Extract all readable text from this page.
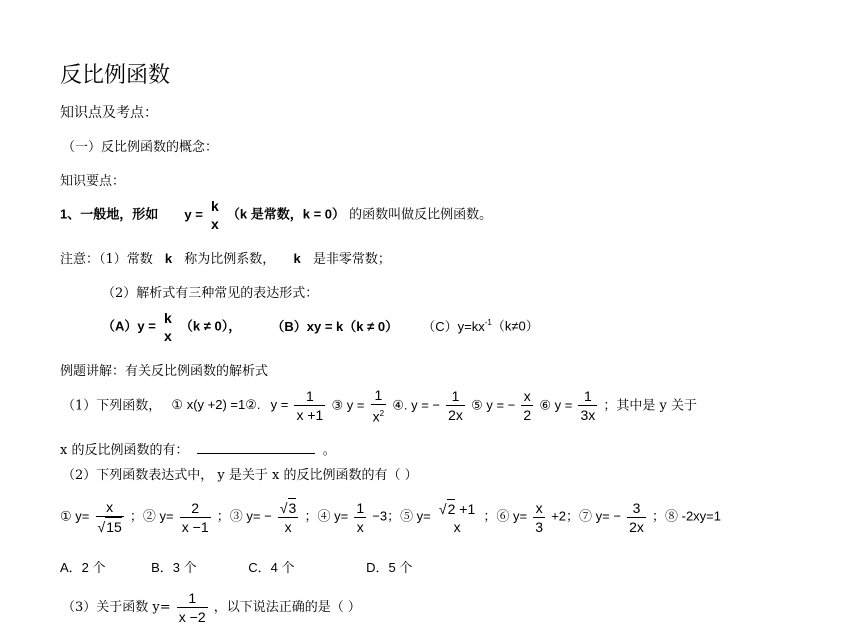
反比例函数
知识点及考点：
（一）反比例函数的概念：
知识要点：
1、一般地，形如 y = k
x
（k 是常数，k = 0） 的函数叫做反比例函数。
注意：（1）常数 k 称为比例系数， k 是非零常数；
（2）解析式有三种常见的表达形式：
（A）y = k
x
（k ≠ 0）， （B）xy = k（k ≠ 0） $(C)y=kx^{-1}(k\ne 0)$
例题讲解：有关反比例函数的解析式
（1）下列函数， ① x(y +2) =1②. $y = \frac{1}{x +1}$ ③ $y = \frac{1}{x^2}$ ④. y = − $\frac{1}{2x}$ ⑤ y = − $\frac{x}{2}$ ⑥ $y = \frac{1}{3x}$ ；其中是 y 关于
x 的反比例函数的有：	。
（2）下列函数表达式中， y 是关于 x 的反比例函数的有（ ）
① $y= \frac{x}{√15}$ ；② $y= \frac{2}{x -1}$ ；③ $y= - \frac{√3}{x}$ ；④ $y= \frac{1}{x} -3$；⑤ y= √2 +1
x
；⑥ $y= \frac{x}{3} +2$；⑦ $y= - \frac{3}{2x}$ ；⑧ -2xy=1
A．2 个	B．3 个	C．4 个	D．5 个
（3）关于函数 $y= \frac{1}{x -2}$ ，以下说法正确的是（ ）
